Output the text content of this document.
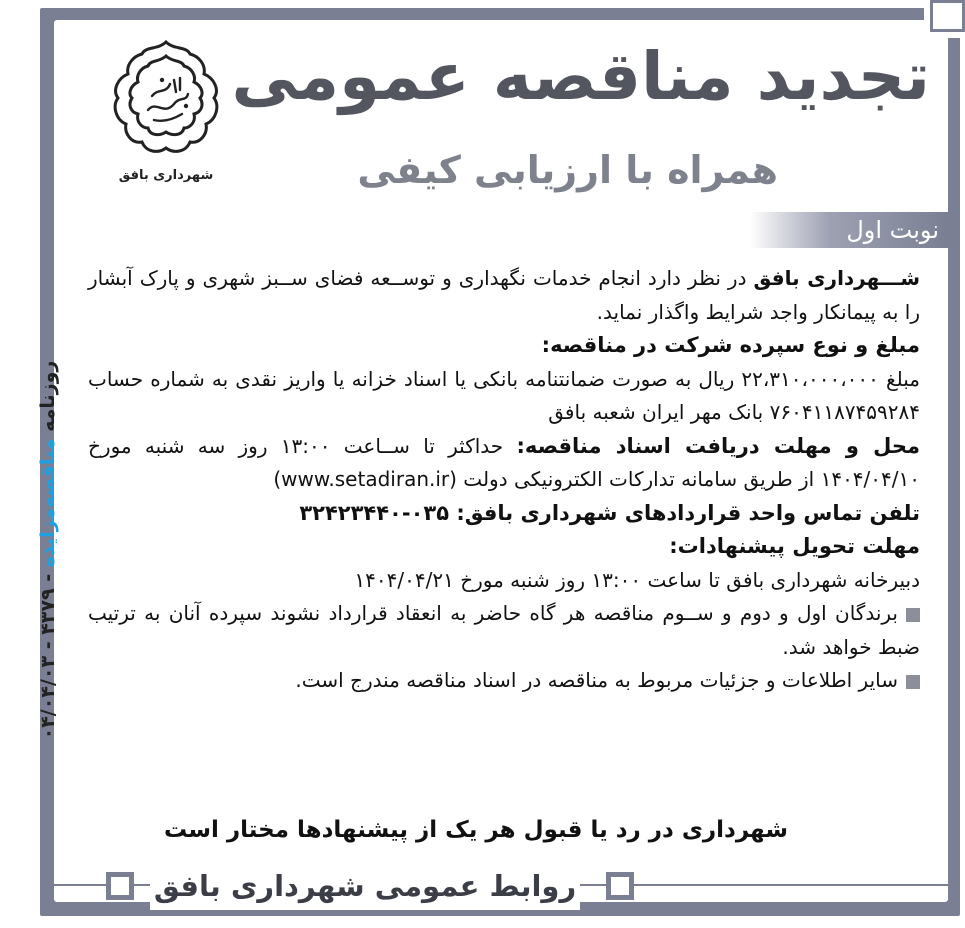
شهرداری بافق
تجدید مناقصه عمومی
همراه با ارزیابی کیفی
نوبت اول
روزنامه مناقصه‌مزایده - ۴۳۷۹ - ۰۴/۰۴/۰۳

شـــهرداری بافق در نظر دارد انجام خدمات نگهداری و توســعه فضای ســبز شهری و پارک آبشار را به پیمانکار واجد شرایط واگذار نماید.

مبلغ و نوع سپرده شرکت در مناقصه:

مبلغ ۲۲،۳۱۰،۰۰۰،۰۰۰ ریال به صورت ضمانتنامه بانکی یا اسناد خزانه یا واریز نقدی به شماره حساب ۷۶۰۴۱۱۸۷۴۵۹۲۸۴ بانک مهر ایران شعبه بافق

محل و مهلت دریافت اسناد مناقصه: حداکثر تا ســاعت ۱۳:۰۰ روز سه شنبه مورخ ۱۴۰۴/۰۴/۱۰ از طریق سامانه تدارکات الکترونیکی دولت (www.setadiran.ir)

تلفن تماس واحد قراردادهای شهرداری بافق: ۰۳۵-۳۲۴۲۳۴۴۰

مهلت تحویل پیشنهادات:

دبیرخانه شهرداری بافق تا ساعت ۱۳:۰۰ روز شنبه مورخ ۱۴۰۴/۰۴/۲۱

برندگان اول و دوم و ســوم مناقصه هر گاه حاضر به انعقاد قرارداد نشوند سپرده آنان به ترتیب ضبط خواهد شد.

سایر اطلاعات و جزئیات مربوط به مناقصه در اسناد مناقصه مندرج است.

شهرداری در رد یا قبول هر یک از پیشنهادها مختار است
روابط عمومی شهرداری بافق
